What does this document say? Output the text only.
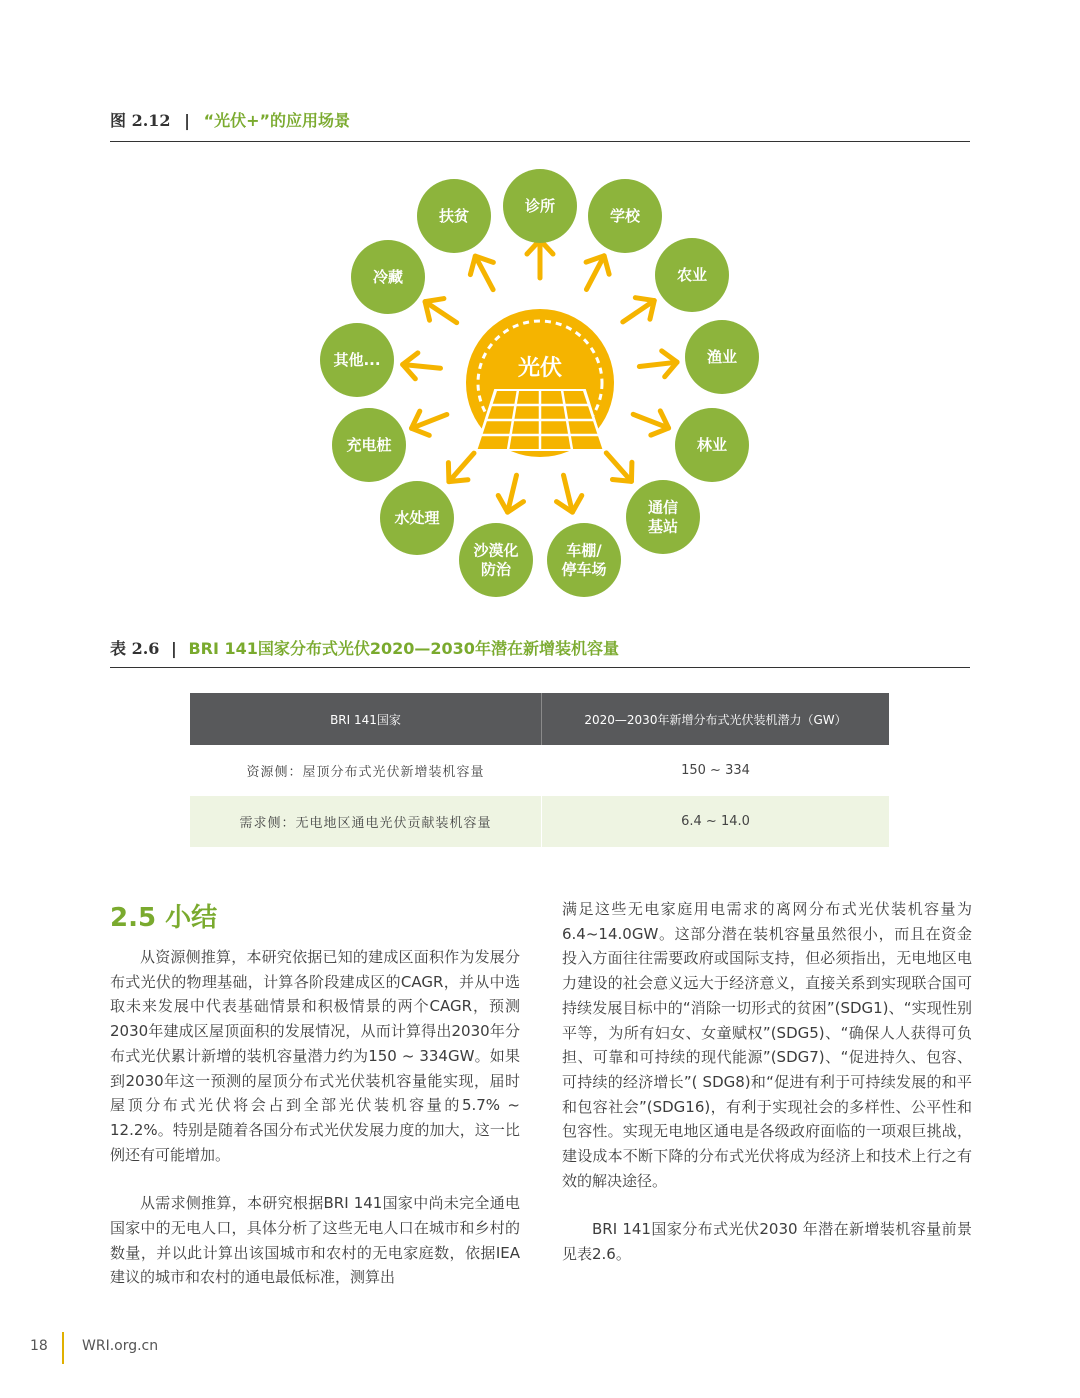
图 2.12 | “光伏+”的应用场景
光伏
诊所
学校
农业
渔业
林业
通信
基站
车棚/
停车场
沙漠化
防治
水处理
充电桩
其他...
冷藏
扶贫
表 2.6 | BRI 141国家分布式光伏2020—2030年潜在新增装机容量
BRI 141国家	2020—2030年新增分布式光伏装机潜力（GW）
资源侧：屋顶分布式光伏新增装机容量	150 ~ 334
需求侧：无电地区通电光伏贡献装机容量	6.4 ~ 14.0
2.5 小结

从资源侧推算，本研究依据已知的建成区面积作为发展分布式光伏的物理基础，计算各阶段建成区的CAGR，并从中选取未来发展中代表基础情景和积极情景的两个CAGR，预测2030年建成区屋顶面积的发展情况，从而计算得出2030年分布式光伏累计新增的装机容量潜力约为150 ~ 334GW。如果到2030年这一预测的屋顶分布式光伏装机容量能实现，届时屋顶分布式光伏将会占到全部光伏装机容量的5.7% ~ 12.2%。特别是随着各国分布式光伏发展力度的加大，这一比例还有可能增加。

从需求侧推算，本研究根据BRI 141国家中尚未完全通电国家中的无电人口，具体分析了这些无电人口在城市和乡村的数量，并以此计算出该国城市和农村的无电家庭数，依据IEA建议的城市和农村的通电最低标准，测算出

满足这些无电家庭用电需求的离网分布式光伏装机容量为6.4~14.0GW。这部分潜在装机容量虽然很小，而且在资金投入方面往往需要政府或国际支持，但必须指出，无电地区电力建设的社会意义远大于经济意义，直接关系到实现联合国可持续发展目标中的“消除一切形式的贫困”(SDG1)、“实现性别平等，为所有妇女、女童赋权”(SDG5)、“确保人人获得可负担、可靠和可持续的现代能源”(SDG7)、“促进持久、包容、可持续的经济增长”( SDG8)和“促进有利于可持续发展的和平和包容社会”(SDG16)，有利于实现社会的多样性、公平性和包容性。实现无电地区通电是各级政府面临的一项艰巨挑战，建设成本不断下降的分布式光伏将成为经济上和技术上行之有效的解决途径。

BRI 141国家分布式光伏2030 年潜在新增装机容量前景见表2.6。

18 WRI.org.cn
